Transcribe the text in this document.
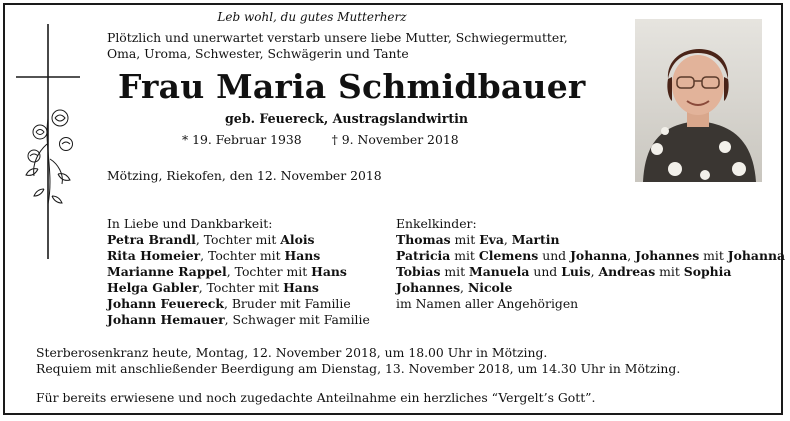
Leb wohl, du gutes Mutterherz
Plötzlich und unerwartet verstarb unsere liebe Mutter, Schwiegermutter,
Oma, Uroma, Schwester, Schwägerin und Tante
Frau Maria Schmidbauer
geb. Feuereck, Austragslandwirtin
* 19. Februar 1938 † 9. November 2018
Mötzing, Riekofen, den 12. November 2018
In Liebe und Dankbarkeit:
Petra Brandl, Tochter mit Alois
Rita Homeier, Tochter mit Hans
Marianne Rappel, Tochter mit Hans
Helga Gabler, Tochter mit Hans
Johann Feuereck, Bruder mit Familie
Johann Hemauer, Schwager mit Familie
Enkelkinder:
Thomas mit Eva, Martin
Patricia mit Clemens und Johanna, Johannes mit Johanna
Tobias mit Manuela und Luis, Andreas mit Sophia
Johannes, Nicole
im Namen aller Angehörigen
Sterberosenkranz heute, Montag, 12. November 2018, um 18.00 Uhr in Mötzing.
Requiem mit anschließender Beerdigung am Dienstag, 13. November 2018, um 14.30 Uhr in Mötzing.
Für bereits erwiesene und noch zugedachte Anteilnahme ein herzliches “Vergelt’s Gott”.
